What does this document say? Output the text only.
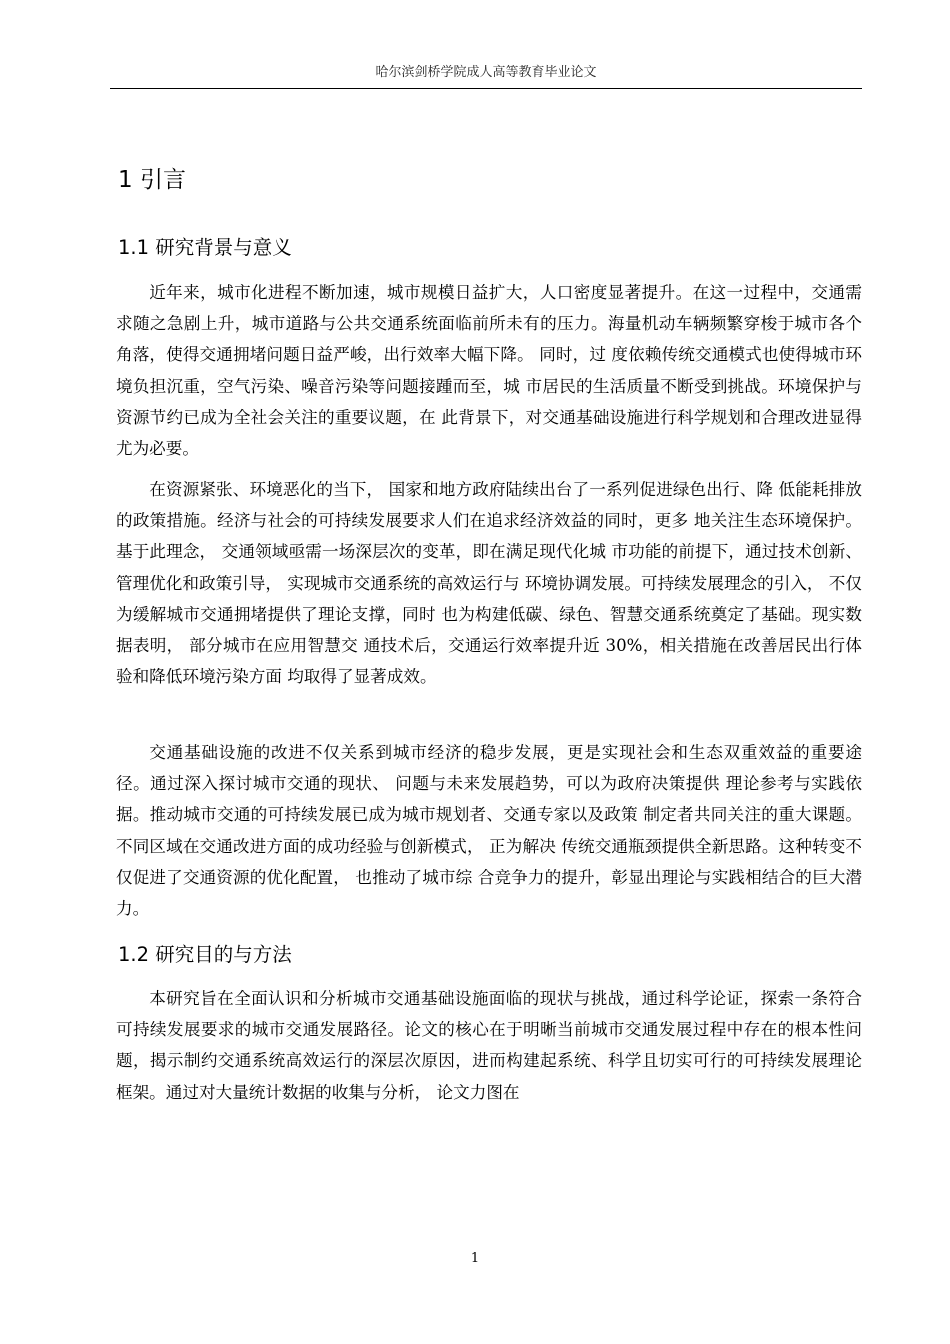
哈尔滨剑桥学院成人高等教育毕业论文
1 引言
1.1 研究背景与意义

近年来，城市化进程不断加速，城市规模日益扩大，人口密度显著提升。在这一过程中，交通需求随之急剧上升，城市道路与公共交通系统面临前所未有的压力。海量机动车辆频繁穿梭于城市各个角落，使得交通拥堵问题日益严峻，出行效率大幅下降。 同时，过 度依赖传统交通模式也使得城市环境负担沉重，空气污染、噪音污染等问题接踵而至，城 市居民的生活质量不断受到挑战。环境保护与资源节约已成为全社会关注的重要议题，在 此背景下，对交通基础设施进行科学规划和合理改进显得尤为必要。

在资源紧张、环境恶化的当下， 国家和地方政府陆续出台了一系列促进绿色出行、降 低能耗排放的政策措施。经济与社会的可持续发展要求人们在追求经济效益的同时，更多 地关注生态环境保护。基于此理念， 交通领域亟需一场深层次的变革，即在满足现代化城 市功能的前提下，通过技术创新、管理优化和政策引导， 实现城市交通系统的高效运行与 环境协调发展。可持续发展理念的引入， 不仅为缓解城市交通拥堵提供了理论支撑，同时 也为构建低碳、绿色、智慧交通系统奠定了基础。现实数据表明， 部分城市在应用智慧交 通技术后，交通运行效率提升近 30%，相关措施在改善居民出行体验和降低环境污染方面 均取得了显著成效。

交通基础设施的改进不仅关系到城市经济的稳步发展，更是实现社会和生态双重效益的重要途径。通过深入探讨城市交通的现状、 问题与未来发展趋势，可以为政府决策提供 理论参考与实践依据。推动城市交通的可持续发展已成为城市规划者、交通专家以及政策 制定者共同关注的重大课题。不同区域在交通改进方面的成功经验与创新模式， 正为解决 传统交通瓶颈提供全新思路。这种转变不仅促进了交通资源的优化配置， 也推动了城市综 合竞争力的提升，彰显出理论与实践相结合的巨大潜力。

1.2 研究目的与方法

本研究旨在全面认识和分析城市交通基础设施面临的现状与挑战，通过科学论证，探索一条符合可持续发展要求的城市交通发展路径。论文的核心在于明晰当前城市交通发展过程中存在的根本性问题，揭示制约交通系统高效运行的深层次原因，进而构建起系统、科学且切实可行的可持续发展理论框架。通过对大量统计数据的收集与分析， 论文力图在

1
